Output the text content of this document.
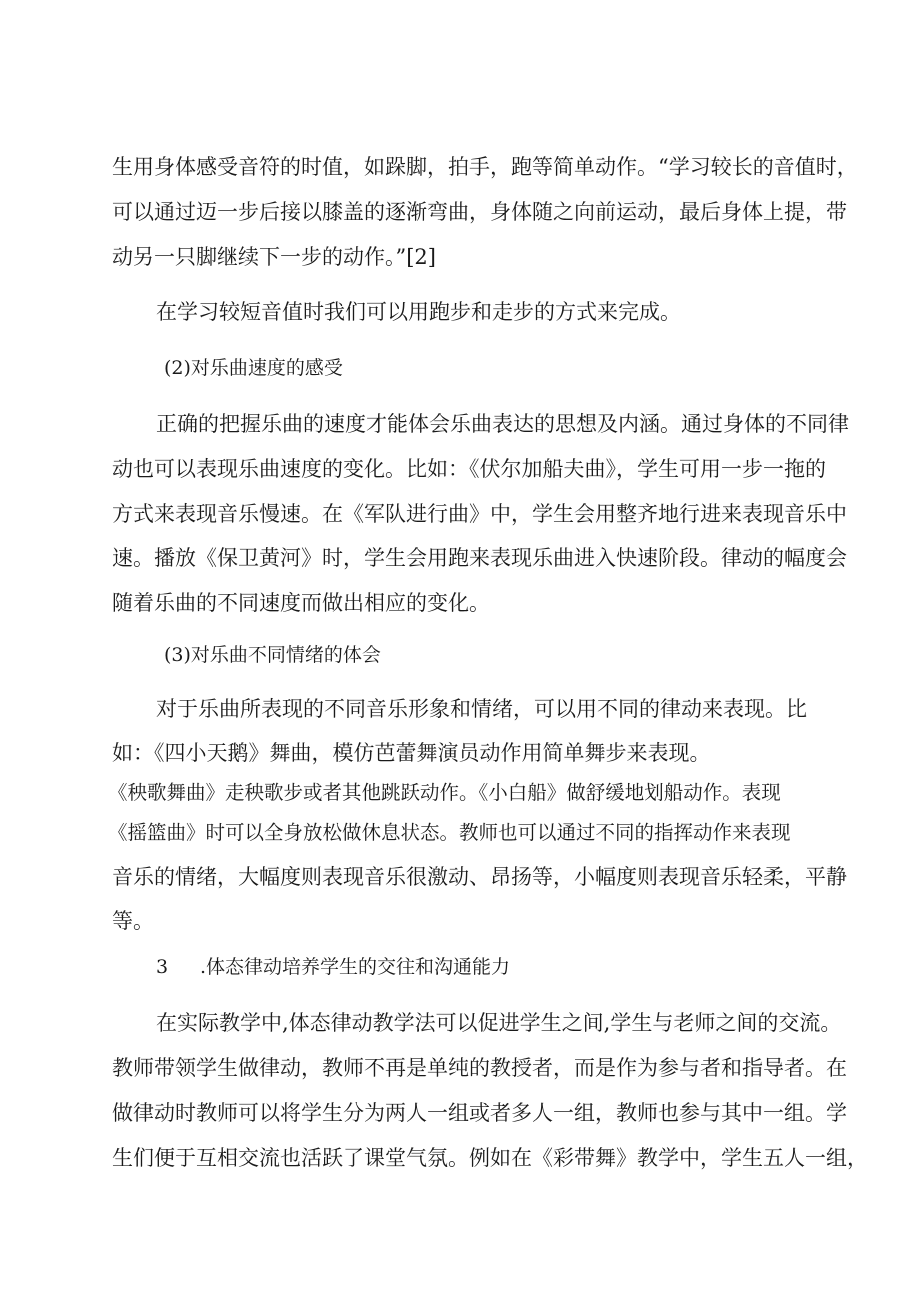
生用身体感受音符的时值，如跺脚，拍手，跑等简单动作。“学习较长的音值时，
可以通过迈一步后接以膝盖的逐渐弯曲，身体随之向前运动，最后身体上提，带
动另一只脚继续下一步的动作。”[2]
在学习较短音值时我们可以用跑步和走步的方式来完成。
(2)对乐曲速度的感受
正确的把握乐曲的速度才能体会乐曲表达的思想及内涵。通过身体的不同律
动也可以表现乐曲速度的变化。比如：《伏尔加船夫曲》，学生可用一步一拖的
方式来表现音乐慢速。在《军队进行曲》中，学生会用整齐地行进来表现音乐中
速。播放《保卫黄河》时，学生会用跑来表现乐曲进入快速阶段。律动的幅度会
随着乐曲的不同速度而做出相应的变化。
(3)对乐曲不同情绪的体会
对于乐曲所表现的不同音乐形象和情绪，可以用不同的律动来表现。比
如：《四小天鹅》舞曲，模仿芭蕾舞演员动作用简单舞步来表现。
《秧歌舞曲》走秧歌步或者其他跳跃动作。《小白船》做舒缓地划船动作。表现
《摇篮曲》时可以全身放松做休息状态。教师也可以通过不同的指挥动作来表现
音乐的情绪，大幅度则表现音乐很激动、昂扬等，小幅度则表现音乐轻柔，平静
等。
3 .体态律动培养学生的交往和沟通能力
在实际教学中,体态律动教学法可以促进学生之间,学生与老师之间的交流。
教师带领学生做律动，教师不再是单纯的教授者，而是作为参与者和指导者。在
做律动时教师可以将学生分为两人一组或者多人一组，教师也参与其中一组。学
生们便于互相交流也活跃了课堂气氛。例如在《彩带舞》教学中，学生五人一组，
